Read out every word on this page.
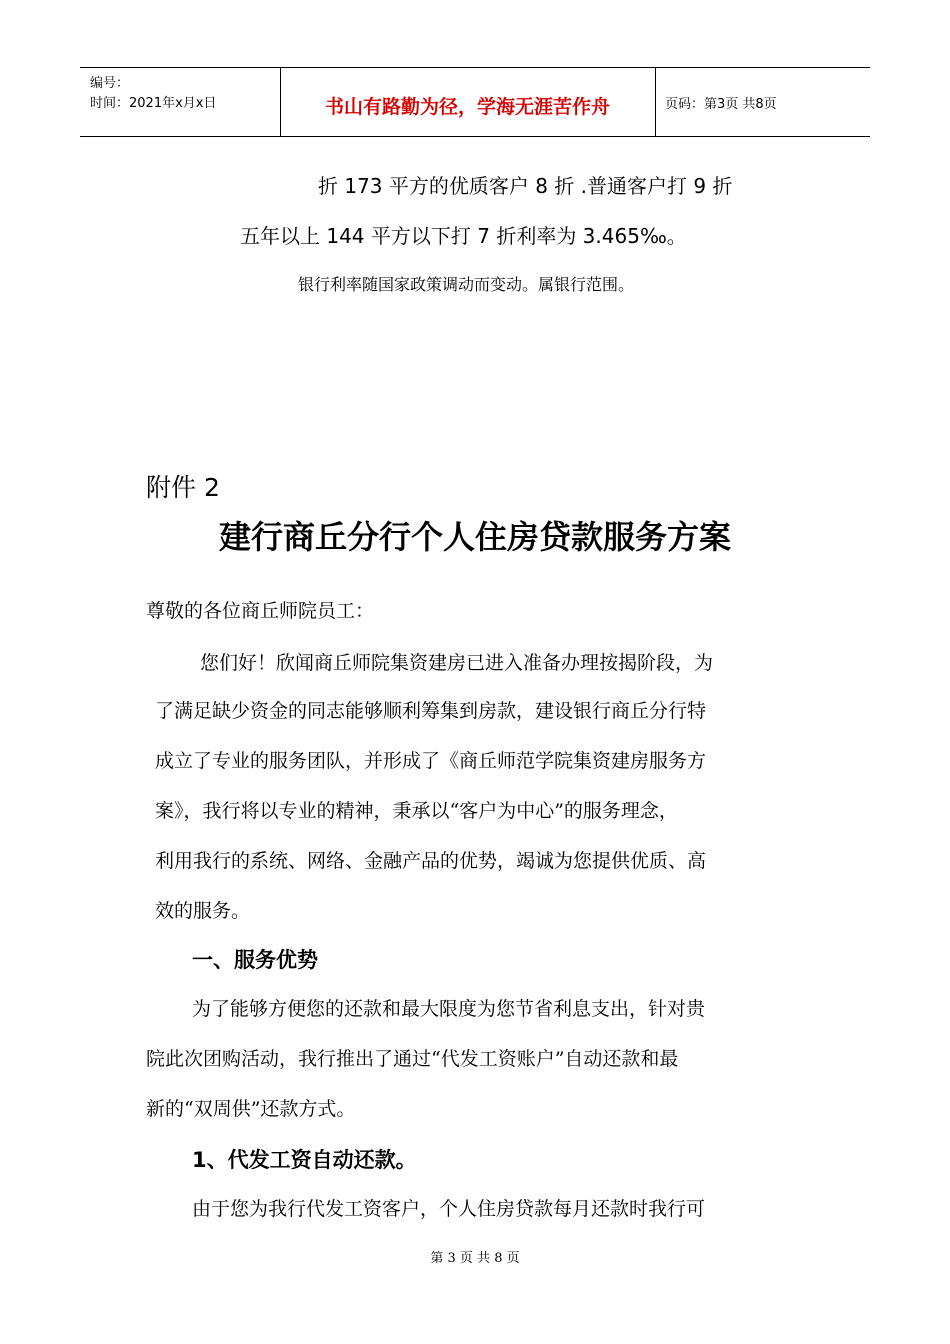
编号：
时间：2021年x月x日	书山有路勤为径，学海无涯苦作舟	页码：第3页 共8页
折 173 平方的优质客户 8 折 .普通客户打 9 折
五年以上 144 平方以下打 7 折利率为 3.465‰。
银行利率随国家政策调动而变动。属银行范围。
附件 2
建行商丘分行个人住房贷款服务方案
尊敬的各位商丘师院员工：
您们好！欣闻商丘师院集资建房已进入准备办理按揭阶段，为
了满足缺少资金的同志能够顺利筹集到房款，建设银行商丘分行特
成立了专业的服务团队，并形成了《商丘师范学院集资建房服务方
案》，我行将以专业的精神，秉承以“客户为中心”的服务理念，
利用我行的系统、网络、金融产品的优势，竭诚为您提供优质、高
效的服务。
一、服务优势
为了能够方便您的还款和最大限度为您节省利息支出，针对贵
院此次团购活动，我行推出了通过“代发工资账户”自动还款和最
新的“双周供”还款方式。
1、代发工资自动还款。
由于您为我行代发工资客户，个人住房贷款每月还款时我行可
第 3 页 共 8 页
